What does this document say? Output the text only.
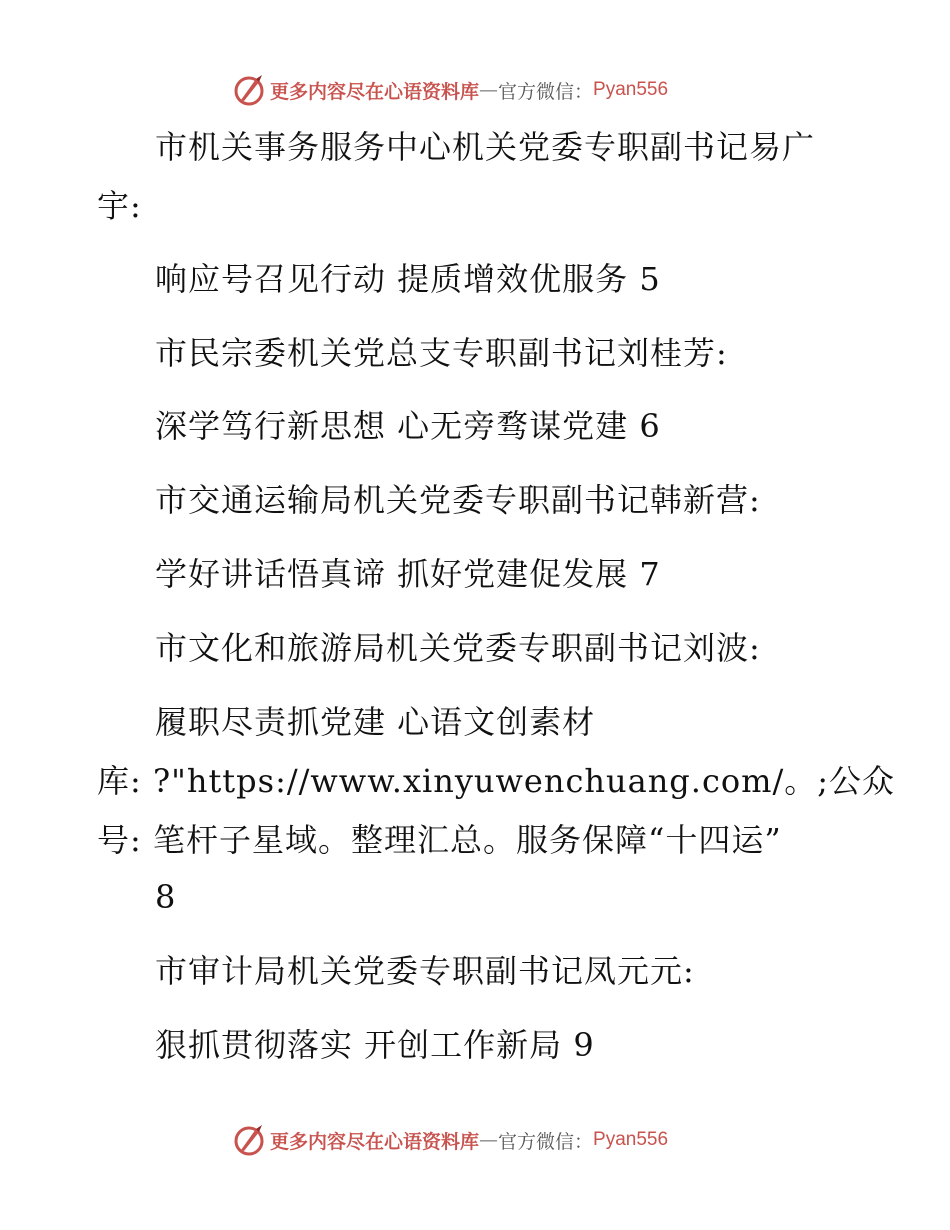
更多内容尽在心语资料库 — 官方微信： Pyan556
市机关事务服务中心机关党委专职副书记易广
宇:
响应号召见行动 提质增效优服务 5
市民宗委机关党总支专职副书记刘桂芳:
深学笃行新思想 心无旁骛谋党建 6
市交通运输局机关党委专职副书记韩新营:
学好讲话悟真谛 抓好党建促发展 7
市文化和旅游局机关党委专职副书记刘波:
履职尽责抓党建 心语文创素材
库: ?"https://www.xinyuwenchuang.com/。;公众
号: 笔杆子星域。整理汇总。服务保障“十四运”
8
市审计局机关党委专职副书记凤元元:
狠抓贯彻落实 开创工作新局 9
更多内容尽在心语资料库 — 官方微信： Pyan556
